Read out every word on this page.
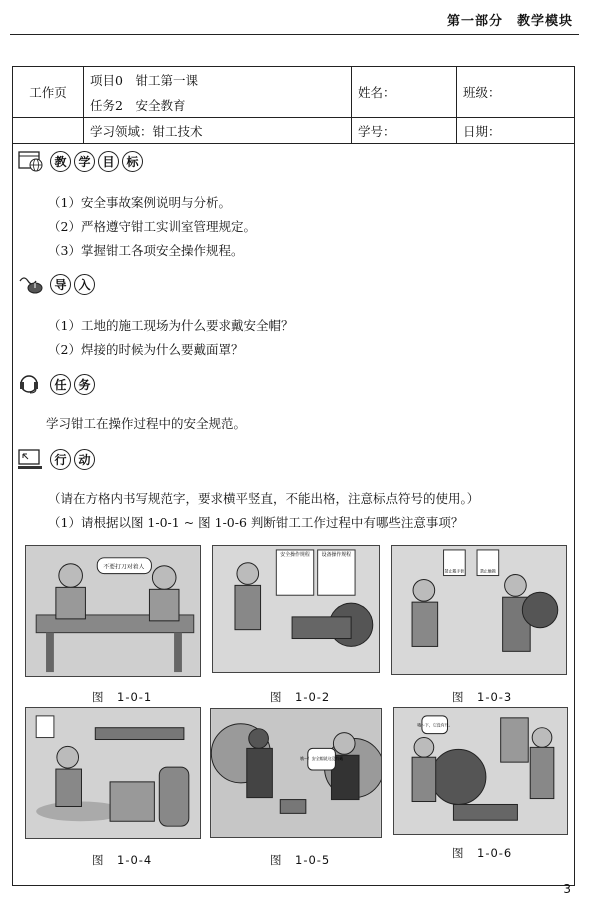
第一部分　教学模块
工作页	项目0　钳工第一课	姓名：	班级：
	任务2　安全教育		
	学习领域：钳工技术	学号：	日期：
教 学 目 标
（1）安全事故案例说明与分析。
（2）严格遵守钳工实训室管理规定。
（3）掌握钳工各项安全操作规程。
导 入
（1）工地的施工现场为什么要求戴安全帽？
（2）焊接的时候为什么要戴面罩？
任 务
学习钳工在操作过程中的安全规范。
行 动
（请在方格内书写规范字，要求横平竖直，不能出格，注意标点符号的使用。）
（1）请根据以图 1-0-1 ~ 图 1-0-6 判断钳工工作过程中有哪些注意事项？
不要打刀对着人
安全操作规程 设备操作规程
禁止戴手套	禁止触摸
图　1-0-1	图　1-0-2	图　1-0-3
哦～！安全帽就这没有戴
哦～下，它没有开。
图　1-0-4	图　1-0-5	图　1-0-6
3
